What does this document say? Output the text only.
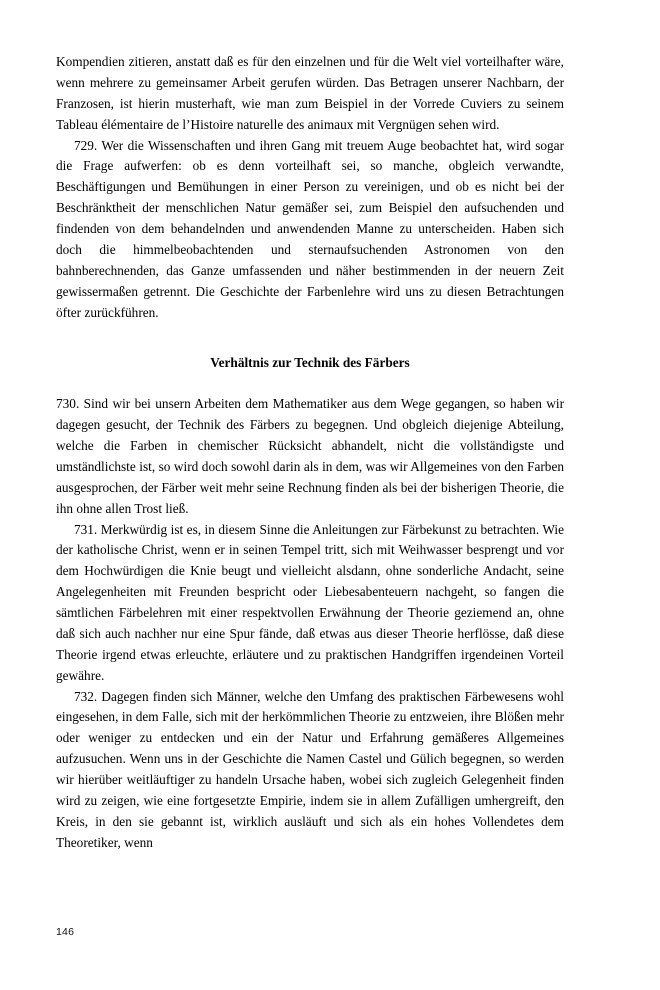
Kompendien zitieren, anstatt daß es für den einzelnen und für die Welt viel vorteilhafter wäre, wenn mehrere zu gemeinsamer Arbeit gerufen würden. Das Betragen unserer Nachbarn, der Franzosen, ist hierin musterhaft, wie man zum Beispiel in der Vorrede Cuviers zu seinem Tableau élémentaire de l’Histoire naturelle des animaux mit Vergnügen sehen wird.

729. Wer die Wissenschaften und ihren Gang mit treuem Auge beobachtet hat, wird sogar die Frage aufwerfen: ob es denn vorteilhaft sei, so manche, obgleich verwandte, Beschäftigungen und Bemühungen in einer Person zu vereinigen, und ob es nicht bei der Beschränktheit der menschlichen Natur gemäßer sei, zum Beispiel den aufsuchenden und findenden von dem behandelnden und anwendenden Manne zu unterscheiden. Haben sich doch die himmelbeobachtenden und sternaufsuchenden Astronomen von den bahnberechnenden, das Ganze umfassenden und näher bestimmenden in der neuern Zeit gewissermaßen getrennt. Die Geschichte der Farbenlehre wird uns zu diesen Betrachtungen öfter zurückführen.

Verhältnis zur Technik des Färbers

730. Sind wir bei unsern Arbeiten dem Mathematiker aus dem Wege gegangen, so haben wir dagegen gesucht, der Technik des Färbers zu begegnen. Und obgleich diejenige Abteilung, welche die Farben in chemischer Rücksicht abhandelt, nicht die vollständigste und umständlichste ist, so wird doch sowohl darin als in dem, was wir Allgemeines von den Farben ausgesprochen, der Färber weit mehr seine Rechnung finden als bei der bisherigen Theorie, die ihn ohne allen Trost ließ.

731. Merkwürdig ist es, in diesem Sinne die Anleitungen zur Färbekunst zu betrachten. Wie der katholische Christ, wenn er in seinen Tempel tritt, sich mit Weihwasser besprengt und vor dem Hochwürdigen die Knie beugt und vielleicht alsdann, ohne sonderliche Andacht, seine Angelegenheiten mit Freunden bespricht oder Liebesabenteuern nachgeht, so fangen die sämtlichen Färbelehren mit einer respektvollen Erwähnung der Theorie geziemend an, ohne daß sich auch nachher nur eine Spur fände, daß etwas aus dieser Theorie herflösse, daß diese Theorie irgend etwas erleuchte, erläutere und zu praktischen Handgriffen irgendeinen Vorteil gewähre.

732. Dagegen finden sich Männer, welche den Umfang des praktischen Färbewesens wohl eingesehen, in dem Falle, sich mit der herkömmlichen Theorie zu entzweien, ihre Blößen mehr oder weniger zu entdecken und ein der Natur und Erfahrung gemäßeres Allgemeines aufzusuchen. Wenn uns in der Geschichte die Namen Castel und Gülich begegnen, so werden wir hierüber weitläuftiger zu handeln Ursache haben, wobei sich zugleich Gelegenheit finden wird zu zeigen, wie eine fortgesetzte Empirie, indem sie in allem Zufälligen umhergreift, den Kreis, in den sie gebannt ist, wirklich ausläuft und sich als ein hohes Vollendetes dem Theoretiker, wenn

146
